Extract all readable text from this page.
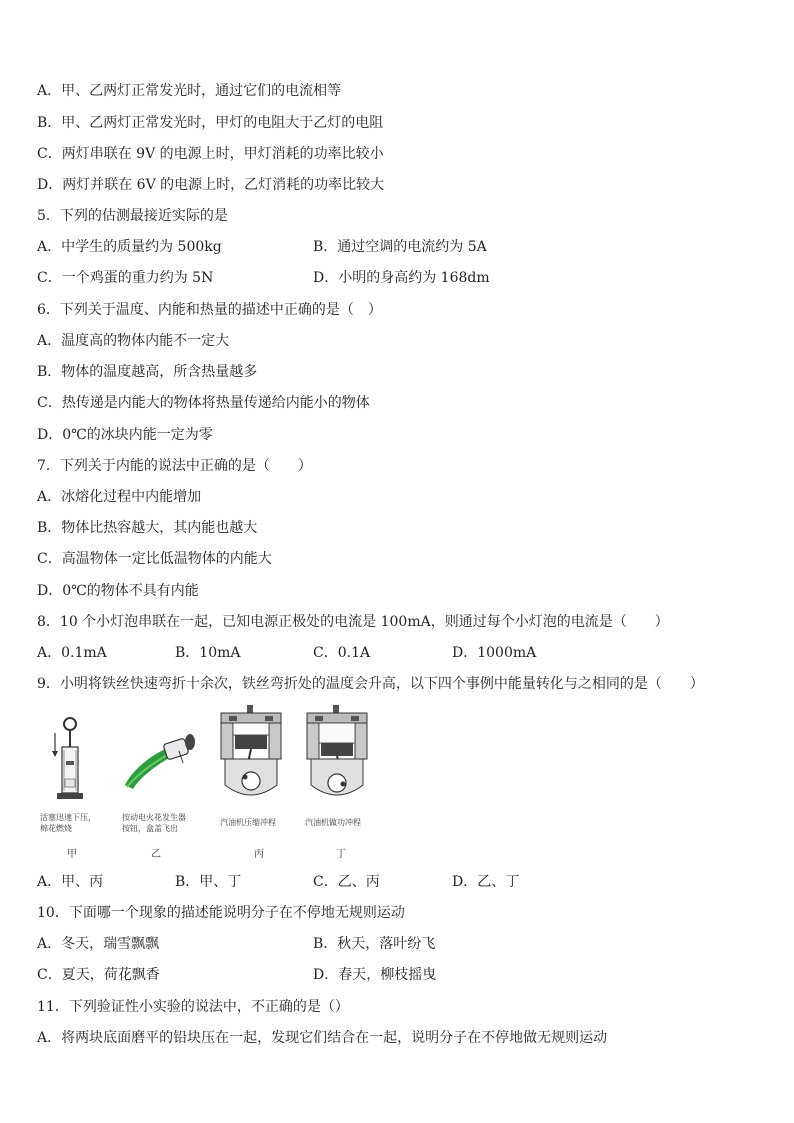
A．甲、乙两灯正常发光时，通过它们的电流相等
B．甲、乙两灯正常发光时，甲灯的电阻大于乙灯的电阻
C．两灯串联在 9V 的电源上时，甲灯消耗的功率比较小
D．两灯并联在 6V 的电源上时，乙灯消耗的功率比较大
5．下列的估测最接近实际的是
A．中学生的质量约为 500kg	B．通过空调的电流约为 5A
C．一个鸡蛋的重力约为 5N	D．小明的身高约为 168dm
6．下列关于温度、内能和热量的描述中正确的是（　）
A．温度高的物体内能不一定大
B．物体的温度越高，所含热量越多
C．热传递是内能大的物体将热量传递给内能小的物体
D．0℃的冰块内能一定为零
7．下列关于内能的说法中正确的是（　　）
A．冰熔化过程中内能增加
B．物体比热容越大，其内能也越大
C．高温物体一定比低温物体的内能大
D．0℃的物体不具有内能
8．10 个小灯泡串联在一起，已知电源正极处的电流是 100mA，则通过每个小灯泡的电流是（　　）
A．0.1mA	B．10mA	C．0.1A	D．1000mA
9．小明将铁丝快速弯折十余次，铁丝弯折处的温度会升高，以下四个事例中能量转化与之相同的是（　　）
活塞迅速下压，
棉花燃烧
甲
按动电火花发生器
按钮，盒盖飞出
乙
汽油机压缩冲程
丙
汽油机做功冲程
丁
A．甲、丙	B．甲、丁	C．乙、丙	D．乙、丁
10．下面哪一个现象的描述能说明分子在不停地无规则运动
A．冬天，瑞雪飘飘	B．秋天，落叶纷飞
C．夏天，荷花飘香	D．春天，柳枝摇曳
11．下列验证性小实验的说法中，不正确的是（）
A．将两块底面磨平的铅块压在一起，发现它们结合在一起，说明分子在不停地做无规则运动
